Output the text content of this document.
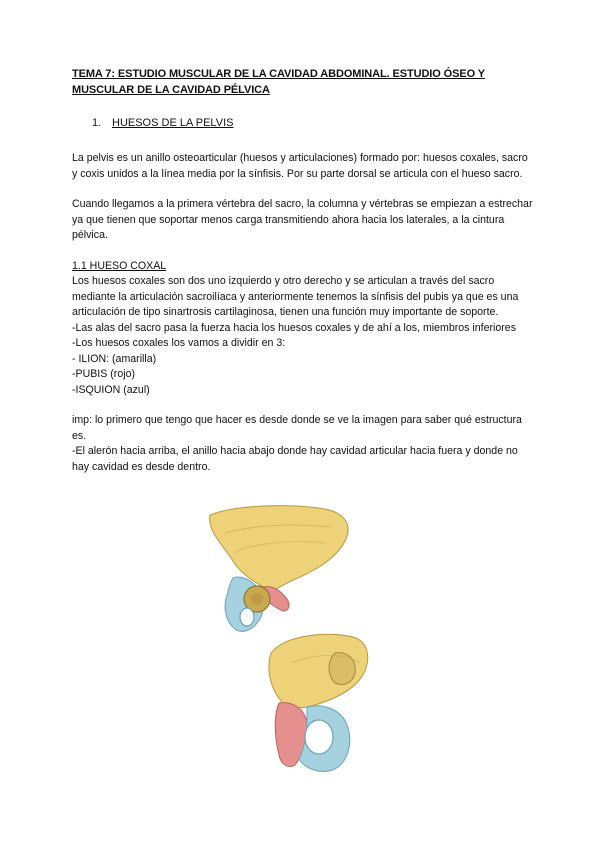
TEMA 7: ESTUDIO MUSCULAR DE LA CAVIDAD ABDOMINAL. ESTUDIO ÓSEO Y
MUSCULAR DE LA CAVIDAD PÉLVICA

1. HUESOS DE LA PELVIS

La pelvis es un anillo osteoarticular (huesos y articulaciones) formado por: huesos coxales, sacro y coxis unidos a la línea media por la sínfisis. Por su parte dorsal se articula con el hueso sacro.

Cuando llegamos a la primera vértebra del sacro, la columna y vértebras se empiezan a estrechar ya que tienen que soportar menos carga transmitiendo ahora hacia los laterales, a la cintura pélvica.

1.1 HUESO COXAL

Los huesos coxales son dos uno izquierdo y otro derecho y se articulan a través del sacro mediante la articulación sacroilíaca y anteriormente tenemos la sínfisis del pubis ya que es una articulación de tipo sinartrosis cartilaginosa, tienen una función muy importante de soporte.

-Las alas del sacro pasa la fuerza hacia los huesos coxales y de ahí a los, miembros inferiores

-Los huesos coxales los vamos a dividir en 3:

- ILION: (amarilla)

-PUBIS (rojo)

-ISQUION (azul)

imp: lo primero que tengo que hacer es desde donde se ve la imagen para saber qué estructura es.

-El alerón hacia arriba, el anillo hacia abajo donde hay cavidad articular hacia fuera y donde no hay cavidad es desde dentro.
